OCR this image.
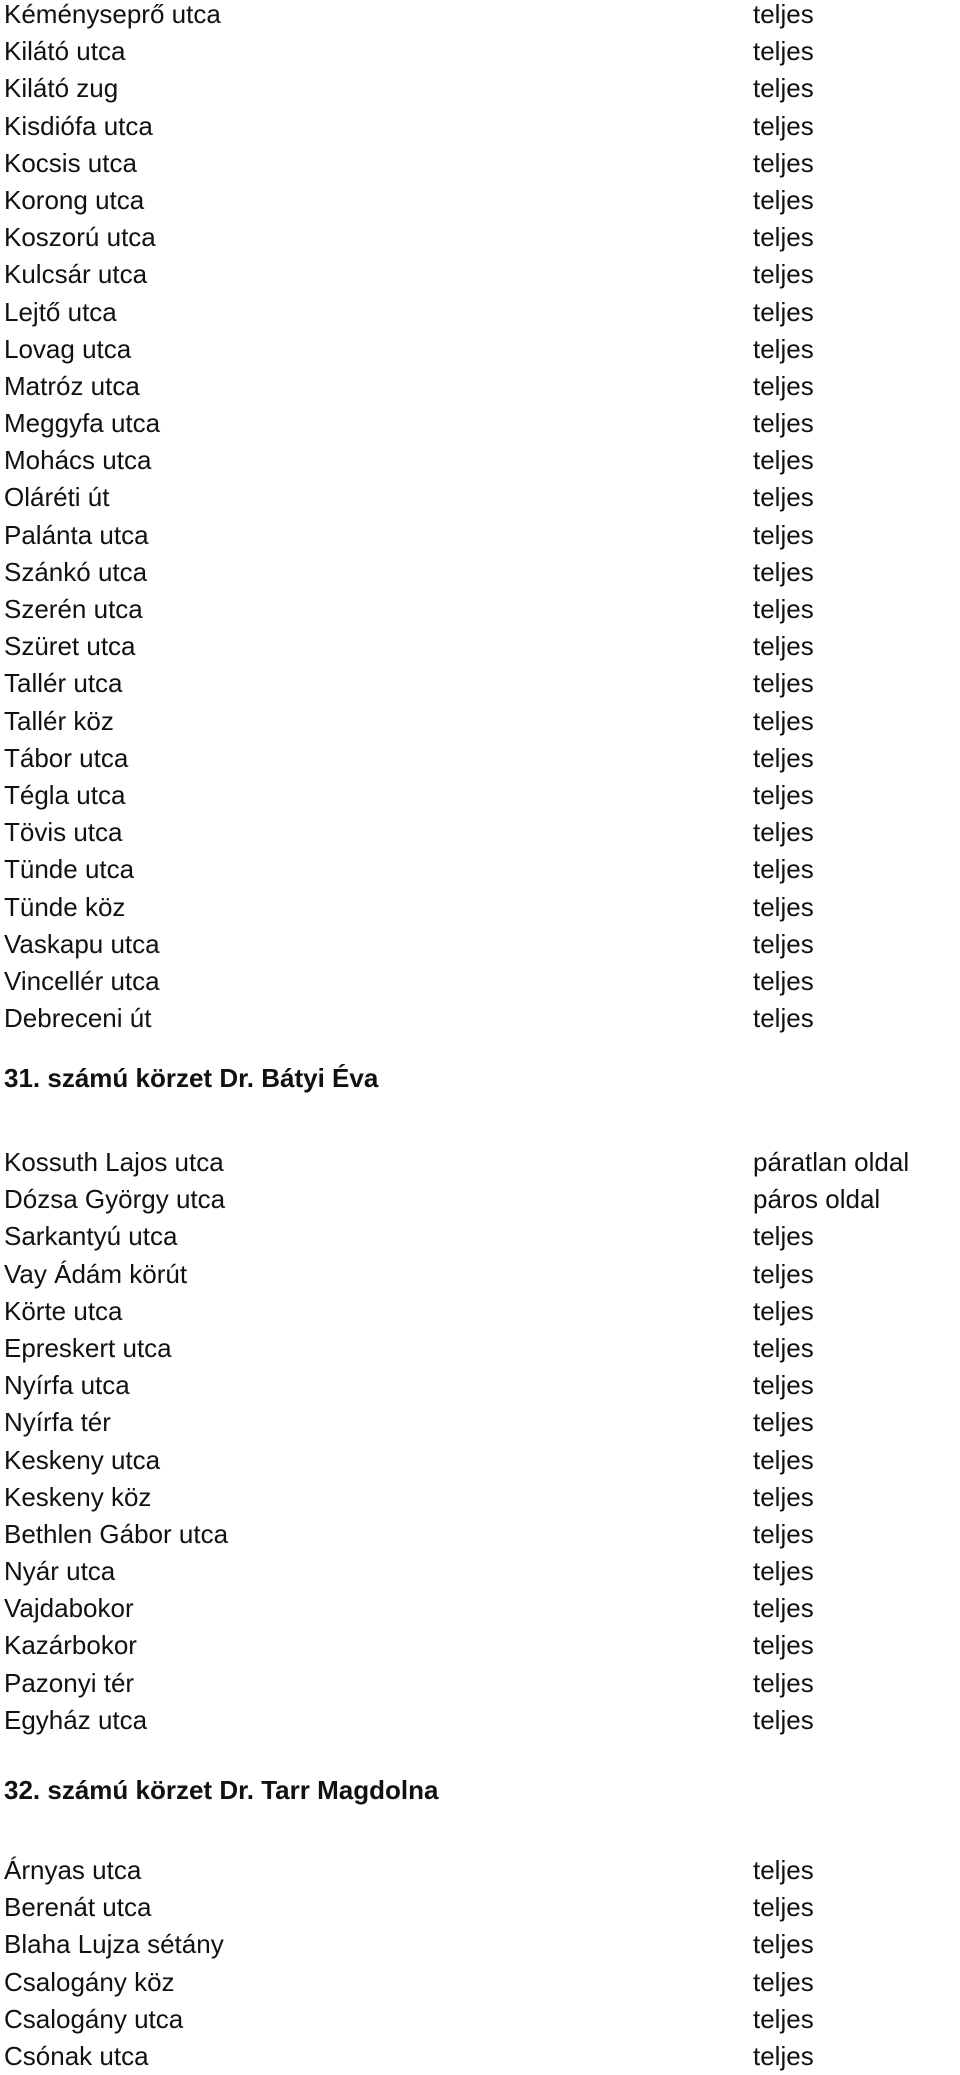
Kéményseprő utca	teljes
Kilátó utca	teljes
Kilátó zug	teljes
Kisdiófa utca	teljes
Kocsis utca	teljes
Korong utca	teljes
Koszorú utca	teljes
Kulcsár utca	teljes
Lejtő utca	teljes
Lovag utca	teljes
Matróz utca	teljes
Meggyfa utca	teljes
Mohács utca	teljes
Oláréti út	teljes
Palánta utca	teljes
Szánkó utca	teljes
Szerén utca	teljes
Szüret utca	teljes
Tallér utca	teljes
Tallér köz	teljes
Tábor utca	teljes
Tégla utca	teljes
Tövis utca	teljes
Tünde utca	teljes
Tünde köz	teljes
Vaskapu utca	teljes
Vincellér utca	teljes
Debreceni út	teljes
31. számú körzet Dr. Bátyi Éva
Kossuth Lajos utca	páratlan oldal
Dózsa György utca	páros oldal
Sarkantyú utca	teljes
Vay Ádám körút	teljes
Körte utca	teljes
Epreskert utca	teljes
Nyírfa utca	teljes
Nyírfa tér	teljes
Keskeny utca	teljes
Keskeny köz	teljes
Bethlen Gábor utca	teljes
Nyár utca	teljes
Vajdabokor	teljes
Kazárbokor	teljes
Pazonyi tér	teljes
Egyház utca	teljes
32. számú körzet Dr. Tarr Magdolna
Árnyas utca	teljes
Berenát utca	teljes
Blaha Lujza sétány	teljes
Csalogány köz	teljes
Csalogány utca	teljes
Csónak utca	teljes
